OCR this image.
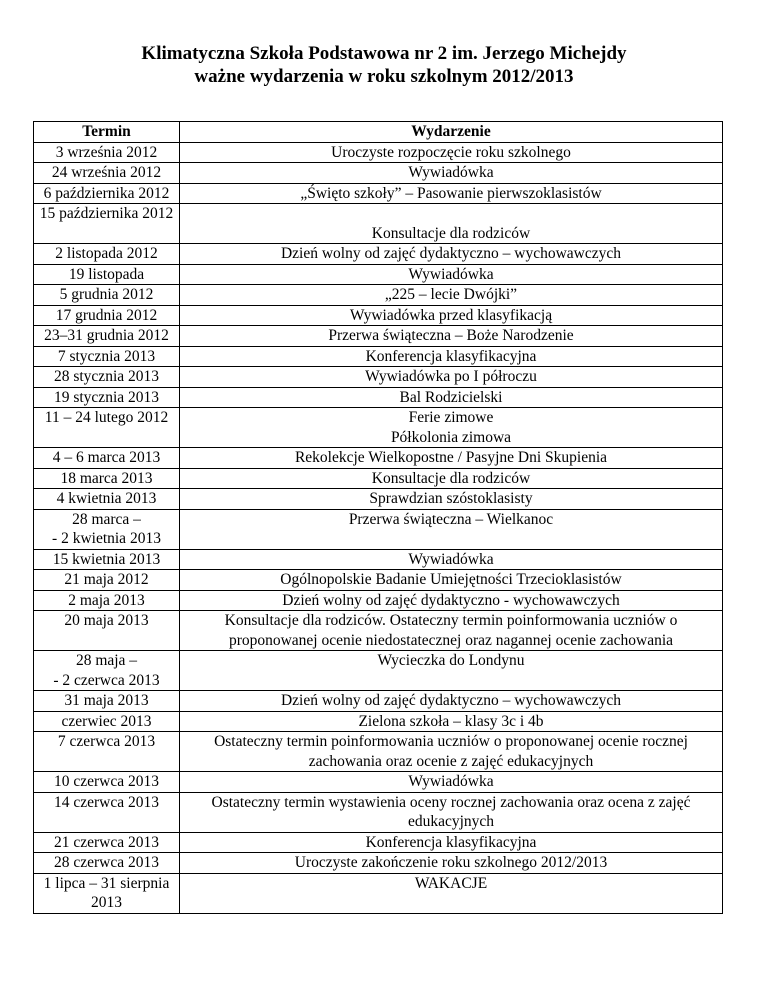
Klimatyczna Szkoła Podstawowa nr 2 im. Jerzego Michejdy
ważne wydarzenia w roku szkolnym 2012/2013
Termin	Wydarzenie
3 września 2012	Uroczyste rozpoczęcie roku szkolnego
24 września 2012	Wywiadówka
6 października 2012	„Święto szkoły” – Pasowanie pierwszoklasistów
15 października 2012	Konsultacje dla rodziców
2 listopada 2012	Dzień wolny od zajęć dydaktyczno – wychowawczych
19 listopada	Wywiadówka
5 grudnia 2012	„225 – lecie Dwójki”
17 grudnia 2012	Wywiadówka przed klasyfikacją
23–31 grudnia 2012	Przerwa świąteczna – Boże Narodzenie
7 stycznia 2013	Konferencja klasyfikacyjna
28 stycznia 2013	Wywiadówka po I półroczu
19 stycznia 2013	Bal Rodzicielski
11 – 24 lutego 2012	Ferie zimowe
Półkolonia zimowa

4 – 6 marca 2013	Rekolekcje Wielkopostne / Pasyjne Dni Skupienia
18 marca 2013	Konsultacje dla rodziców
4 kwietnia 2013	Sprawdzian szóstoklasisty

28 marca –
- 2 kwietnia 2013	Przerwa świąteczna – Wielkanoc
15 kwietnia 2013	Wywiadówka
21 maja 2012	Ogólnopolskie Badanie Umiejętności Trzecioklasistów
2 maja 2013	Dzień wolny od zajęć dydaktyczno - wychowawczych
20 maja 2013	Konsultacje dla rodziców. Ostateczny termin poinformowania uczniów o proponowanej ocenie niedostatecznej oraz nagannej ocenie zachowania

28 maja –
- 2 czerwca 2013	Wycieczka do Londynu
31 maja 2013	Dzień wolny od zajęć dydaktyczno – wychowawczych
czerwiec 2013	Zielona szkoła – klasy 3c i 4b
7 czerwca 2013	Ostateczny termin poinformowania uczniów o proponowanej ocenie rocznej zachowania oraz ocenie z zajęć edukacyjnych
10 czerwca 2013	Wywiadówka
14 czerwca 2013	Ostateczny termin wystawienia oceny rocznej zachowania oraz ocena z zajęć edukacyjnych
21 czerwca 2013	Konferencja klasyfikacyjna
28 czerwca 2013	Uroczyste zakończenie roku szkolnego 2012/2013
1 lipca – 31 sierpnia 2013	WAKACJE
